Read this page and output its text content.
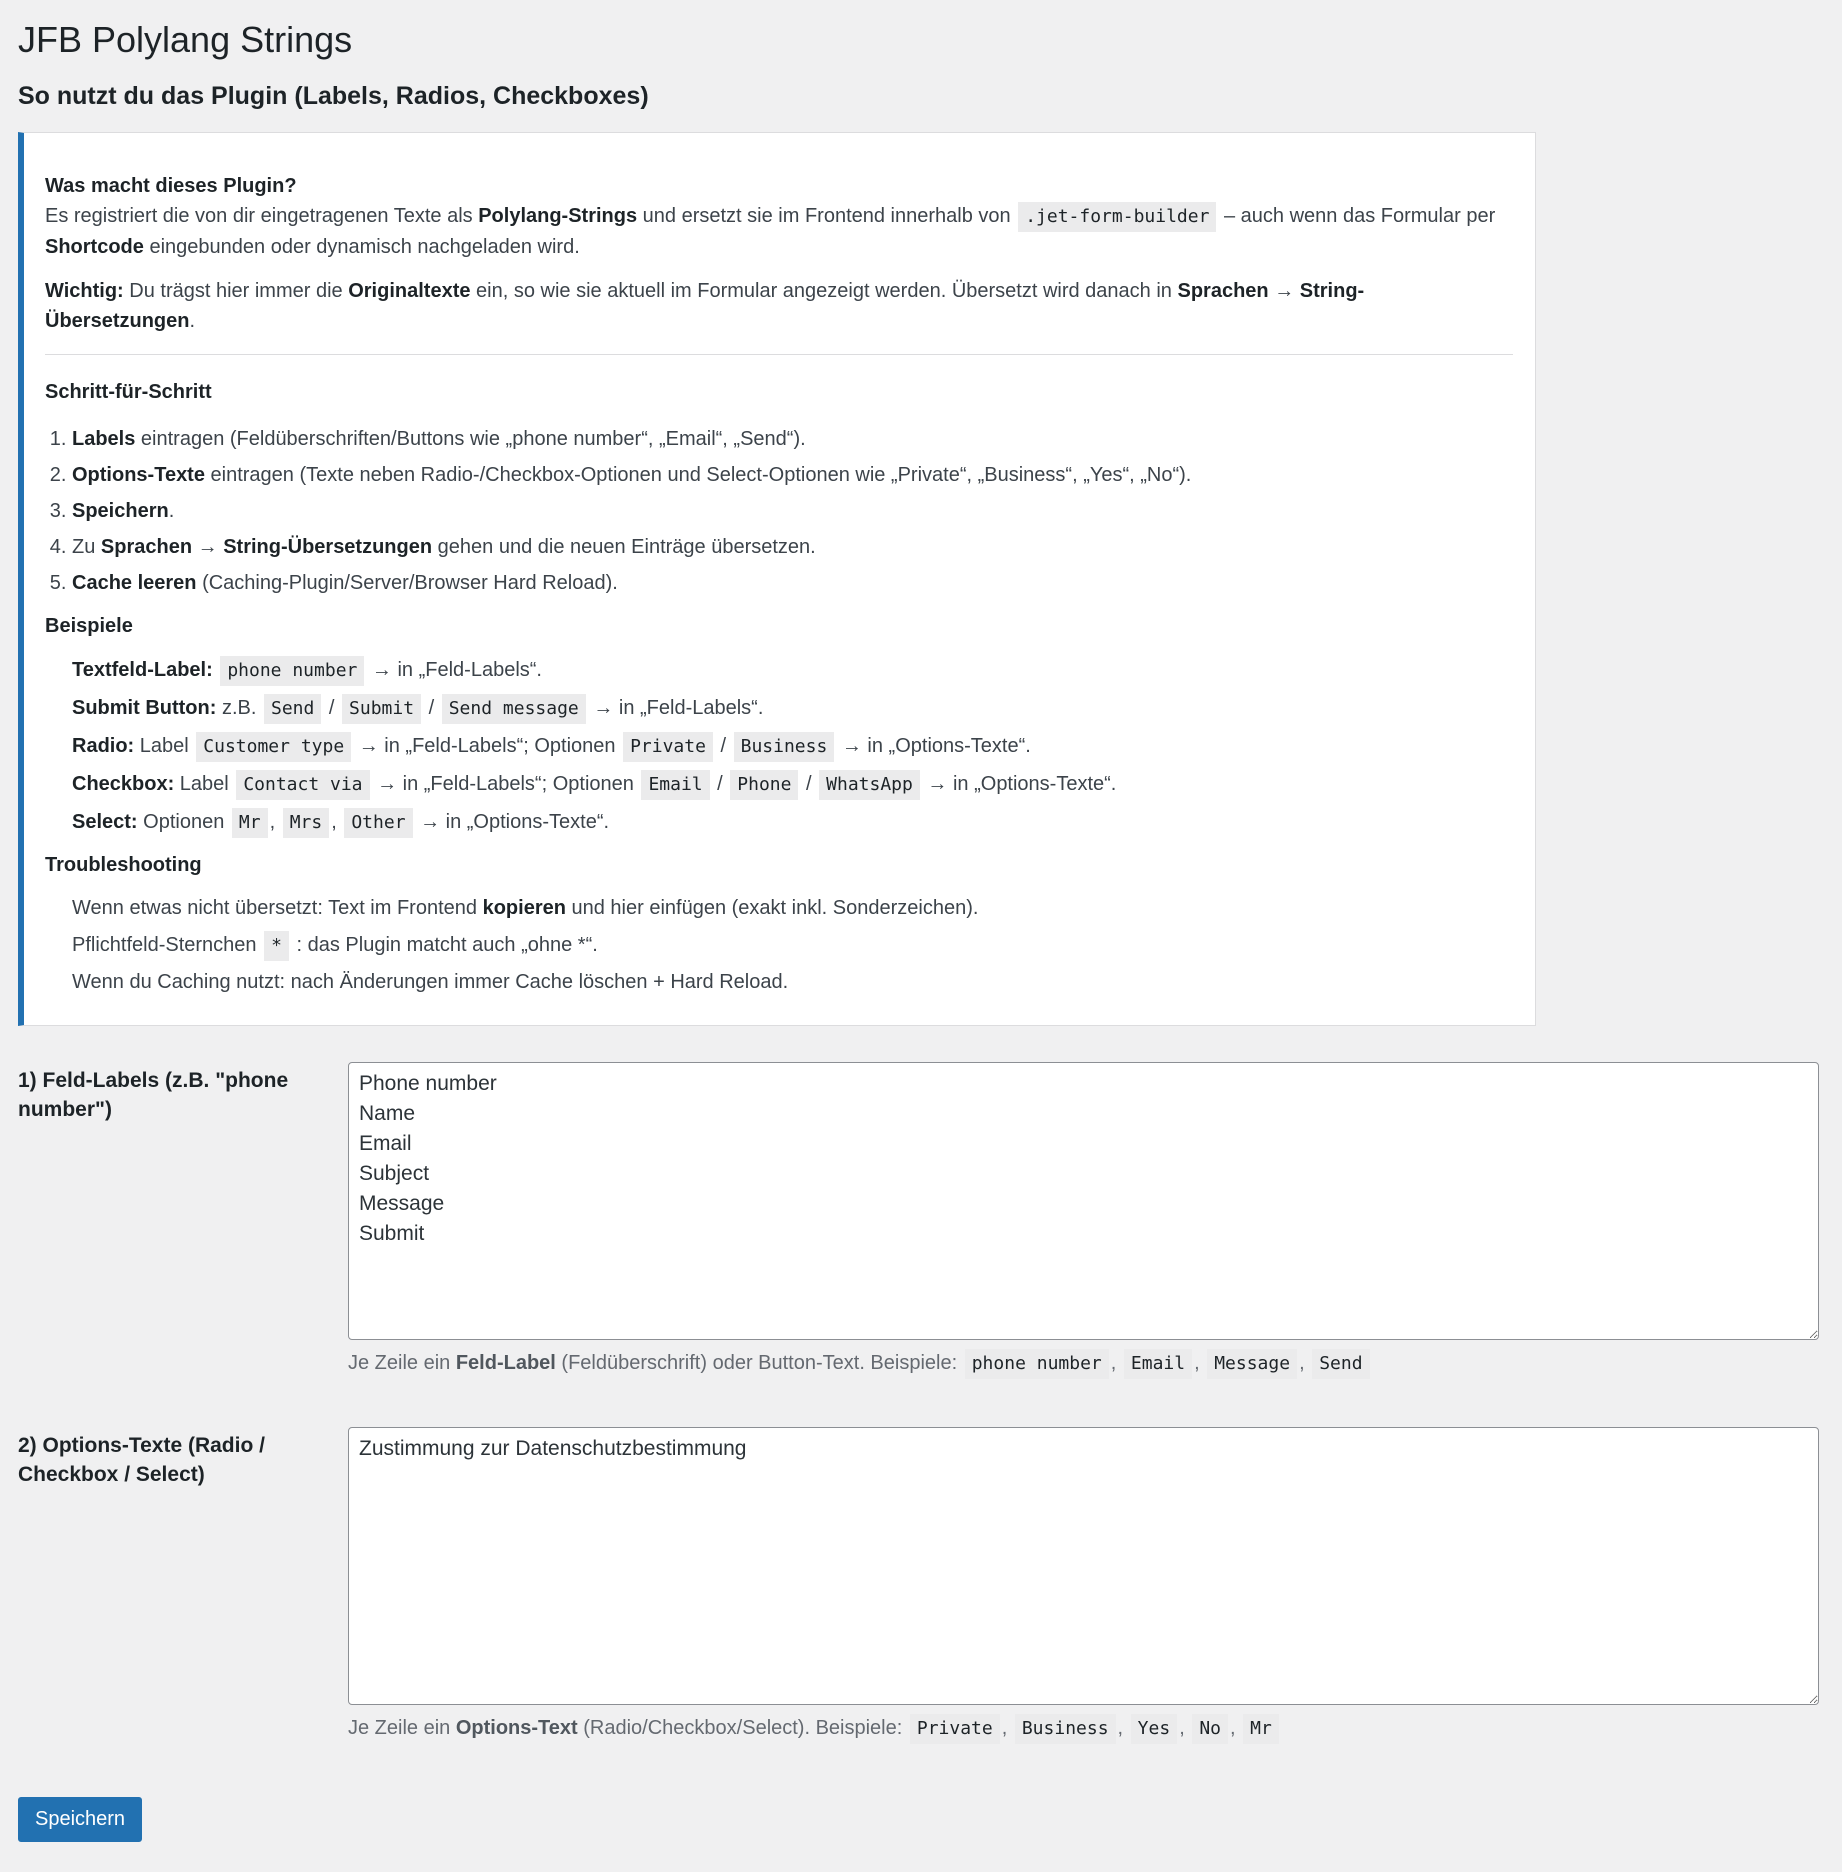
JFB Polylang Strings
So nutzt du das Plugin (Labels, Radios, Checkboxes)

Was macht dieses Plugin?

Es registriert die von dir eingetragenen Texte als Polylang-Strings und ersetzt sie im Frontend innerhalb von .jet-form-builder – auch wenn das Formular per Shortcode eingebunden oder dynamisch nachgeladen wird.

Wichtig: Du trägst hier immer die Originaltexte ein, so wie sie aktuell im Formular angezeigt werden. Übersetzt wird danach in Sprachen → String-Übersetzungen.

Schritt-für-Schritt

1. Labels eintragen (Feldüberschriften/Buttons wie „phone number“, „Email“, „Send“).
2. Options-Texte eintragen (Texte neben Radio-/Checkbox-Optionen und Select-Optionen wie „Private“, „Business“, „Yes“, „No“).
3. Speichern.
4. Zu Sprachen → String-Übersetzungen gehen und die neuen Einträge übersetzen.
5. Cache leeren (Caching-Plugin/Server/Browser Hard Reload).

Beispiele

Textfeld-Label: phone number → in „Feld-Labels“.
Submit Button: z.B. Send / Submit / Send message → in „Feld-Labels“.
Radio: Label Customer type → in „Feld-Labels“; Optionen Private / Business → in „Options-Texte“.
Checkbox: Label Contact via → in „Feld-Labels“; Optionen Email / Phone / WhatsApp → in „Options-Texte“.
Select: Optionen Mr , Mrs , Other → in „Options-Texte“.

Troubleshooting

Wenn etwas nicht übersetzt: Text im Frontend kopieren und hier einfügen (exakt inkl. Sonderzeichen).
Pflichtfeld-Sternchen * : das Plugin matcht auch „ohne *“.
Wenn du Caching nutzt: nach Änderungen immer Cache löschen + Hard Reload.
1) Feld-Labels (z.B. "phone number")
Phone number Name Email Subject Message Submit
Je Zeile ein Feld-Label (Feldüberschrift) oder Button-Text. Beispiele: phone number , Email , Message , Send
2) Options-Texte (Radio / Checkbox / Select)
Zustimmung zur Datenschutzbestimmung
Je Zeile ein Options-Text (Radio/Checkbox/Select). Beispiele: Private , Business , Yes , No , Mr
Speichern
